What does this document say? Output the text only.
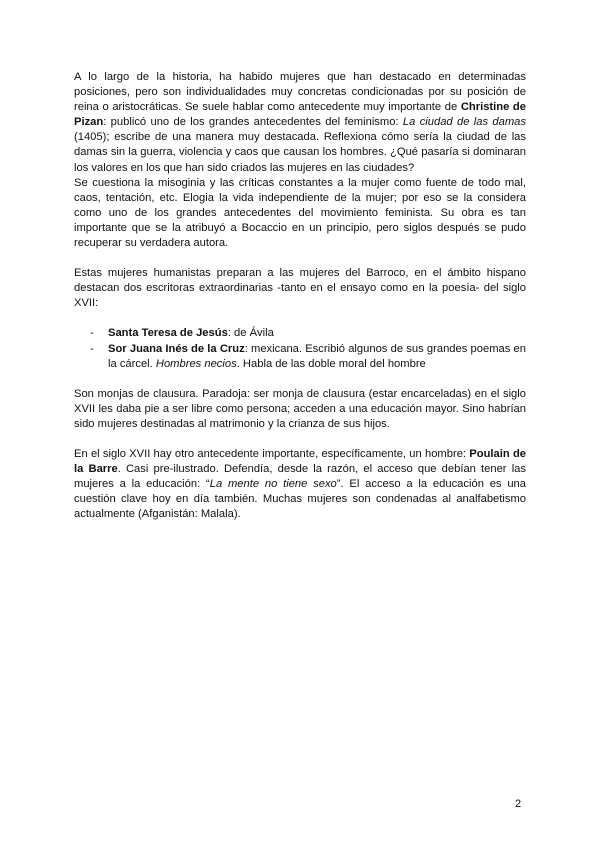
A lo largo de la historia, ha habido mujeres que han destacado en determinadas posiciones, pero son individualidades muy concretas condicionadas por su posición de reina o aristocráticas. Se suele hablar como antecedente muy importante de Christine de Pizan: publicó uno de los grandes antecedentes del feminismo: La ciudad de las damas (1405); escribe de una manera muy destacada. Reflexiona cómo sería la ciudad de las damas sin la guerra, violencia y caos que causan los hombres. ¿Qué pasaría si dominaran los valores en los que han sido criados las mujeres en las ciudades?

Se cuestiona la misoginia y las críticas constantes a la mujer como fuente de todo mal, caos, tentación, etc. Elogia la vida independiente de la mujer; por eso se la considera como uno de los grandes antecedentes del movimiento feminista. Su obra es tan importante que se la atribuyó a Bocaccio en un principio, pero siglos después se pudo recuperar su verdadera autora.

Estas mujeres humanistas preparan a las mujeres del Barroco, en el ámbito hispano destacan dos escritoras extraordinarias -tanto en el ensayo como en la poesía- del siglo XVII:

- Santa Teresa de Jesús: de Ávila
- Sor Juana Inés de la Cruz: mexicana. Escribió algunos de sus grandes poemas en la cárcel. Hombres necios. Habla de las doble moral del hombre

Son monjas de clausura. Paradoja: ser monja de clausura (estar encarceladas) en el siglo XVII les daba pie a ser libre como persona; acceden a una educación mayor. Sino habrían sido mujeres destinadas al matrimonio y la crianza de sus hijos.

En el siglo XVII hay otro antecedente importante, específicamente, un hombre: Poulain de la Barre. Casi pre-ilustrado. Defendía, desde la razón, el acceso que debían tener las mujeres a la educación: “La mente no tiene sexo”. El acceso a la educación es una cuestión clave hoy en día también. Muchas mujeres son condenadas al analfabetismo actualmente (Afganistán: Malala).

2
